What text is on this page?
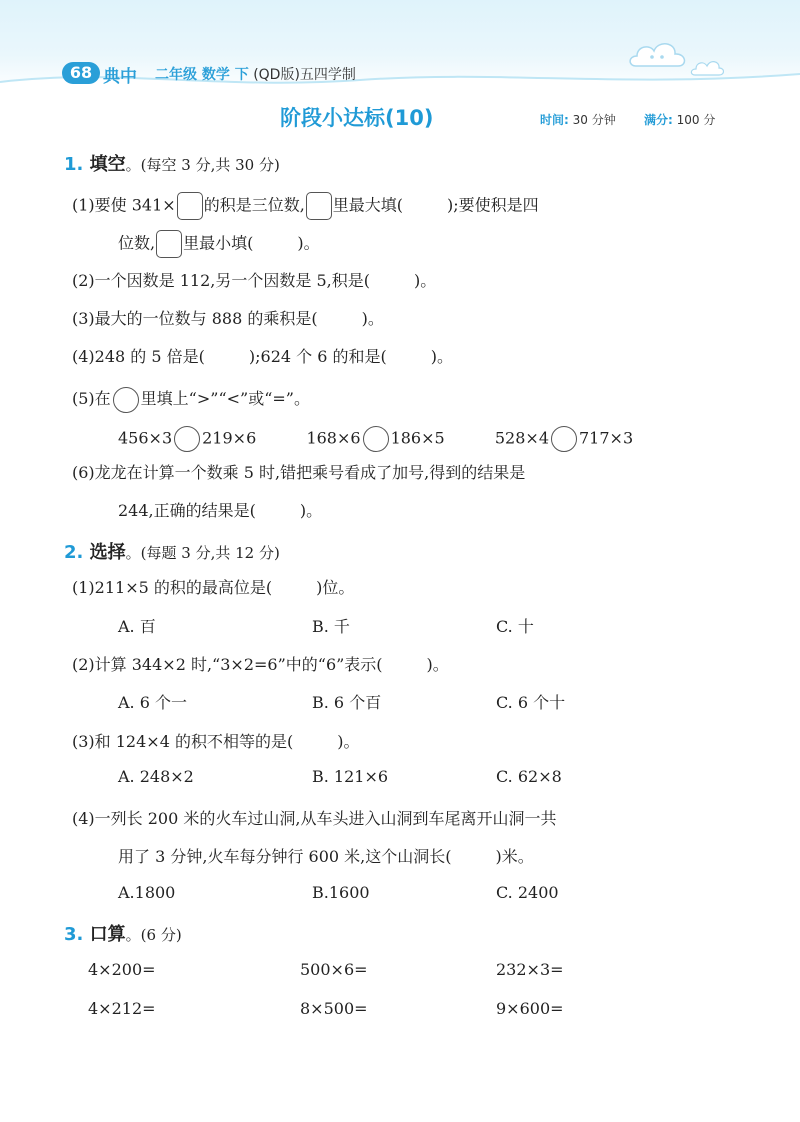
68 典中 二年级 数学 下 (QD版)五四学制
阶段小达标(10)	时间: 30 分钟 满分: 100 分
1. 填空。(每空 3 分,共 30 分)
(1)要使 341× 的积是三位数, 里最大填(	);要使积是四
位数, 里最小填(	)。
(2)一个因数是 112,另一个因数是 5,积是(	)。
(3)最大的一位数与 888 的乘积是(	)。
(4)248 的 5 倍是(	);624 个 6 的和是(	)。
(5)在 里填上“>”“<”或“=”。
456×3 219×6	168×6 186×5	528×4 717×3
(6)龙龙在计算一个数乘 5 时,错把乘号看成了加号,得到的结果是
244,正确的结果是(	)。
2. 选择。(每题 3 分,共 12 分)
(1)211×5 的积的最高位是(	)位。
A. 百	B. 千	C. 十
(2)计算 344×2 时,“3×2=6”中的“6”表示(	)。
A. 6 个一	B. 6 个百	C. 6 个十
(3)和 124×4 的积不相等的是(	)。
A. 248×2	B. 121×6	C. 62×8
(4)一列长 200 米的火车过山洞,从车头进入山洞到车尾离开山洞一共
用了 3 分钟,火车每分钟行 600 米,这个山洞长(	)米。
A.1800	B.1600	C. 2400
3. 口算。(6 分)
4×200=	500×6=	232×3=
4×212=	8×500=	9×600=
